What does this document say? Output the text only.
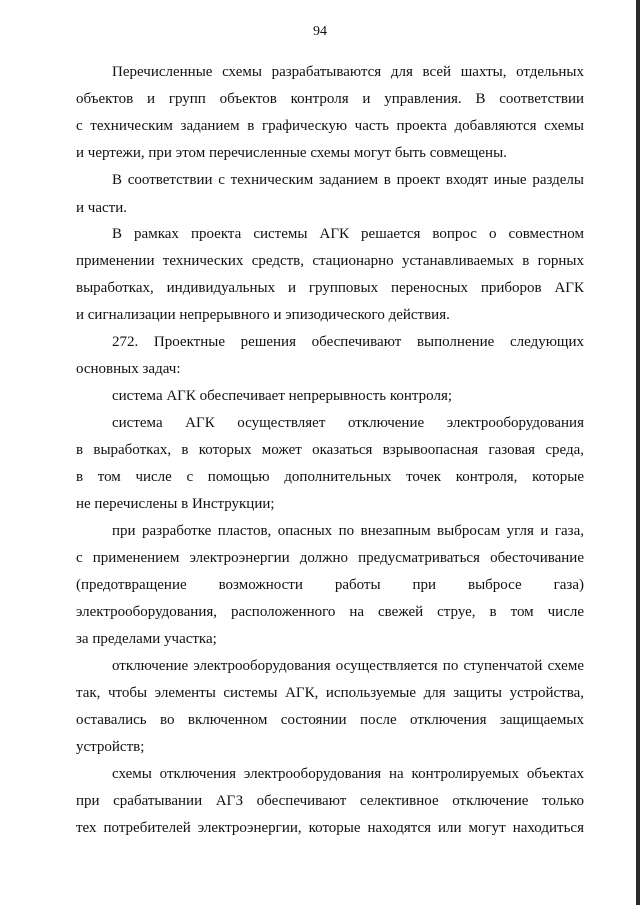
94
Перечисленные схемы разрабатываются для всей шахты, отдельных
объектов и групп объектов контроля и управления. В соответствии
с техническим заданием в графическую часть проекта добавляются схемы
и чертежи, при этом перечисленные схемы могут быть совмещены.
В соответствии с техническим заданием в проект входят иные разделы
и части.
В рамках проекта системы АГК решается вопрос о совместном
применении технических средств, стационарно устанавливаемых в горных
выработках, индивидуальных и групповых переносных приборов АГК
и сигнализации непрерывного и эпизодического действия.
272. Проектные решения обеспечивают выполнение следующих
основных задач:
система АГК обеспечивает непрерывность контроля;
система АГК осуществляет отключение электрооборудования
в выработках, в которых может оказаться взрывоопасная газовая среда,
в том числе с помощью дополнительных точек контроля, которые
не перечислены в Инструкции;
при разработке пластов, опасных по внезапным выбросам угля и газа,
с применением электроэнергии должно предусматриваться обесточивание
(предотвращение возможности работы при выбросе газа)
электрооборудования, расположенного на свежей струе, в том числе
за пределами участка;
отключение электрооборудования осуществляется по ступенчатой схеме
так, чтобы элементы системы АГК, используемые для защиты устройства,
оставались во включенном состоянии после отключения защищаемых
устройств;
схемы отключения электрооборудования на контролируемых объектах
при срабатывании АГЗ обеспечивают селективное отключение только
тех потребителей электроэнергии, которые находятся или могут находиться
